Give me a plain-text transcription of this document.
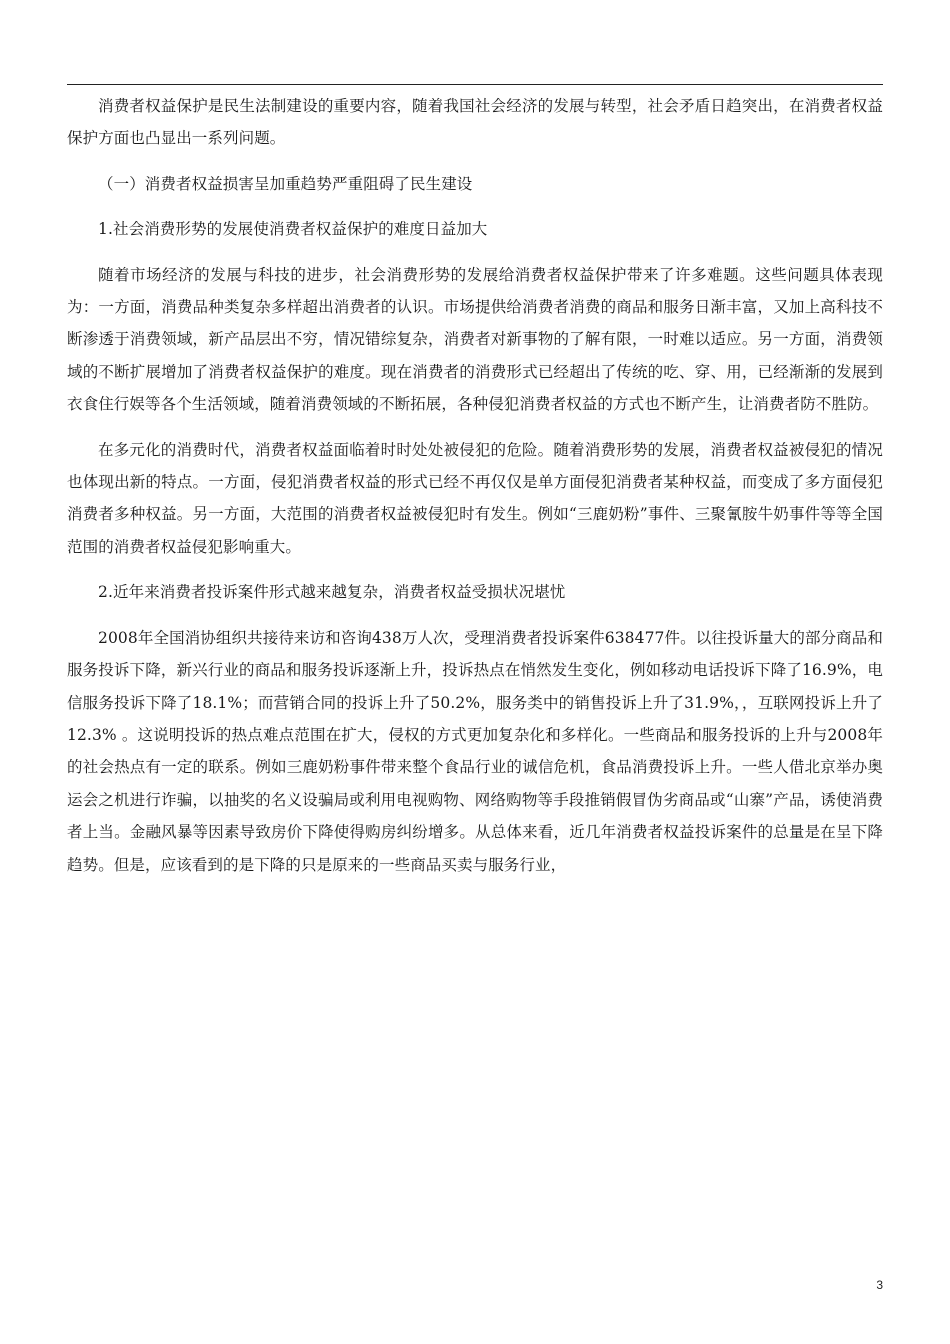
消费者权益保护是民生法制建设的重要内容，随着我国社会经济的发展与转型，社会矛盾日趋突出，在消费者权益保护方面也凸显出一系列问题。

（一）消费者权益损害呈加重趋势严重阻碍了民生建设

1.社会消费形势的发展使消费者权益保护的难度日益加大

随着市场经济的发展与科技的进步，社会消费形势的发展给消费者权益保护带来了许多难题。这些问题具体表现为：一方面，消费品种类复杂多样超出消费者的认识。市场提供给消费者消费的商品和服务日渐丰富，又加上高科技不断渗透于消费领域，新产品层出不穷，情况错综复杂，消费者对新事物的了解有限，一时难以适应。另一方面，消费领域的不断扩展增加了消费者权益保护的难度。现在消费者的消费形式已经超出了传统的吃、穿、用，已经渐渐的发展到衣食住行娱等各个生活领域，随着消费领域的不断拓展，各种侵犯消费者权益的方式也不断产生，让消费者防不胜防。

在多元化的消费时代，消费者权益面临着时时处处被侵犯的危险。随着消费形势的发展，消费者权益被侵犯的情况也体现出新的特点。一方面，侵犯消费者权益的形式已经不再仅仅是单方面侵犯消费者某种权益，而变成了多方面侵犯消费者多种权益。另一方面，大范围的消费者权益被侵犯时有发生。例如“三鹿奶粉”事件、三聚氰胺牛奶事件等等全国范围的消费者权益侵犯影响重大。

2.近年来消费者投诉案件形式越来越复杂，消费者权益受损状况堪忧

2008年全国消协组织共接待来访和咨询438万人次，受理消费者投诉案件638477件。以往投诉量大的部分商品和服务投诉下降，新兴行业的商品和服务投诉逐渐上升，投诉热点在悄然发生变化，例如移动电话投诉下降了16.9%，电信服务投诉下降了18.1%；而营销合同的投诉上升了50.2%，服务类中的销售投诉上升了31.9%，，互联网投诉上升了12.3% 。这说明投诉的热点难点范围在扩大，侵权的方式更加复杂化和多样化。一些商品和服务投诉的上升与2008年的社会热点有一定的联系。例如三鹿奶粉事件带来整个食品行业的诚信危机，食品消费投诉上升。一些人借北京举办奥运会之机进行诈骗，以抽奖的名义设骗局或利用电视购物、网络购物等手段推销假冒伪劣商品或“山寨”产品，诱使消费者上当。金融风暴等因素导致房价下降使得购房纠纷增多。从总体来看，近几年消费者权益投诉案件的总量是在呈下降趋势。但是，应该看到的是下降的只是原来的一些商品买卖与服务行业，

3
